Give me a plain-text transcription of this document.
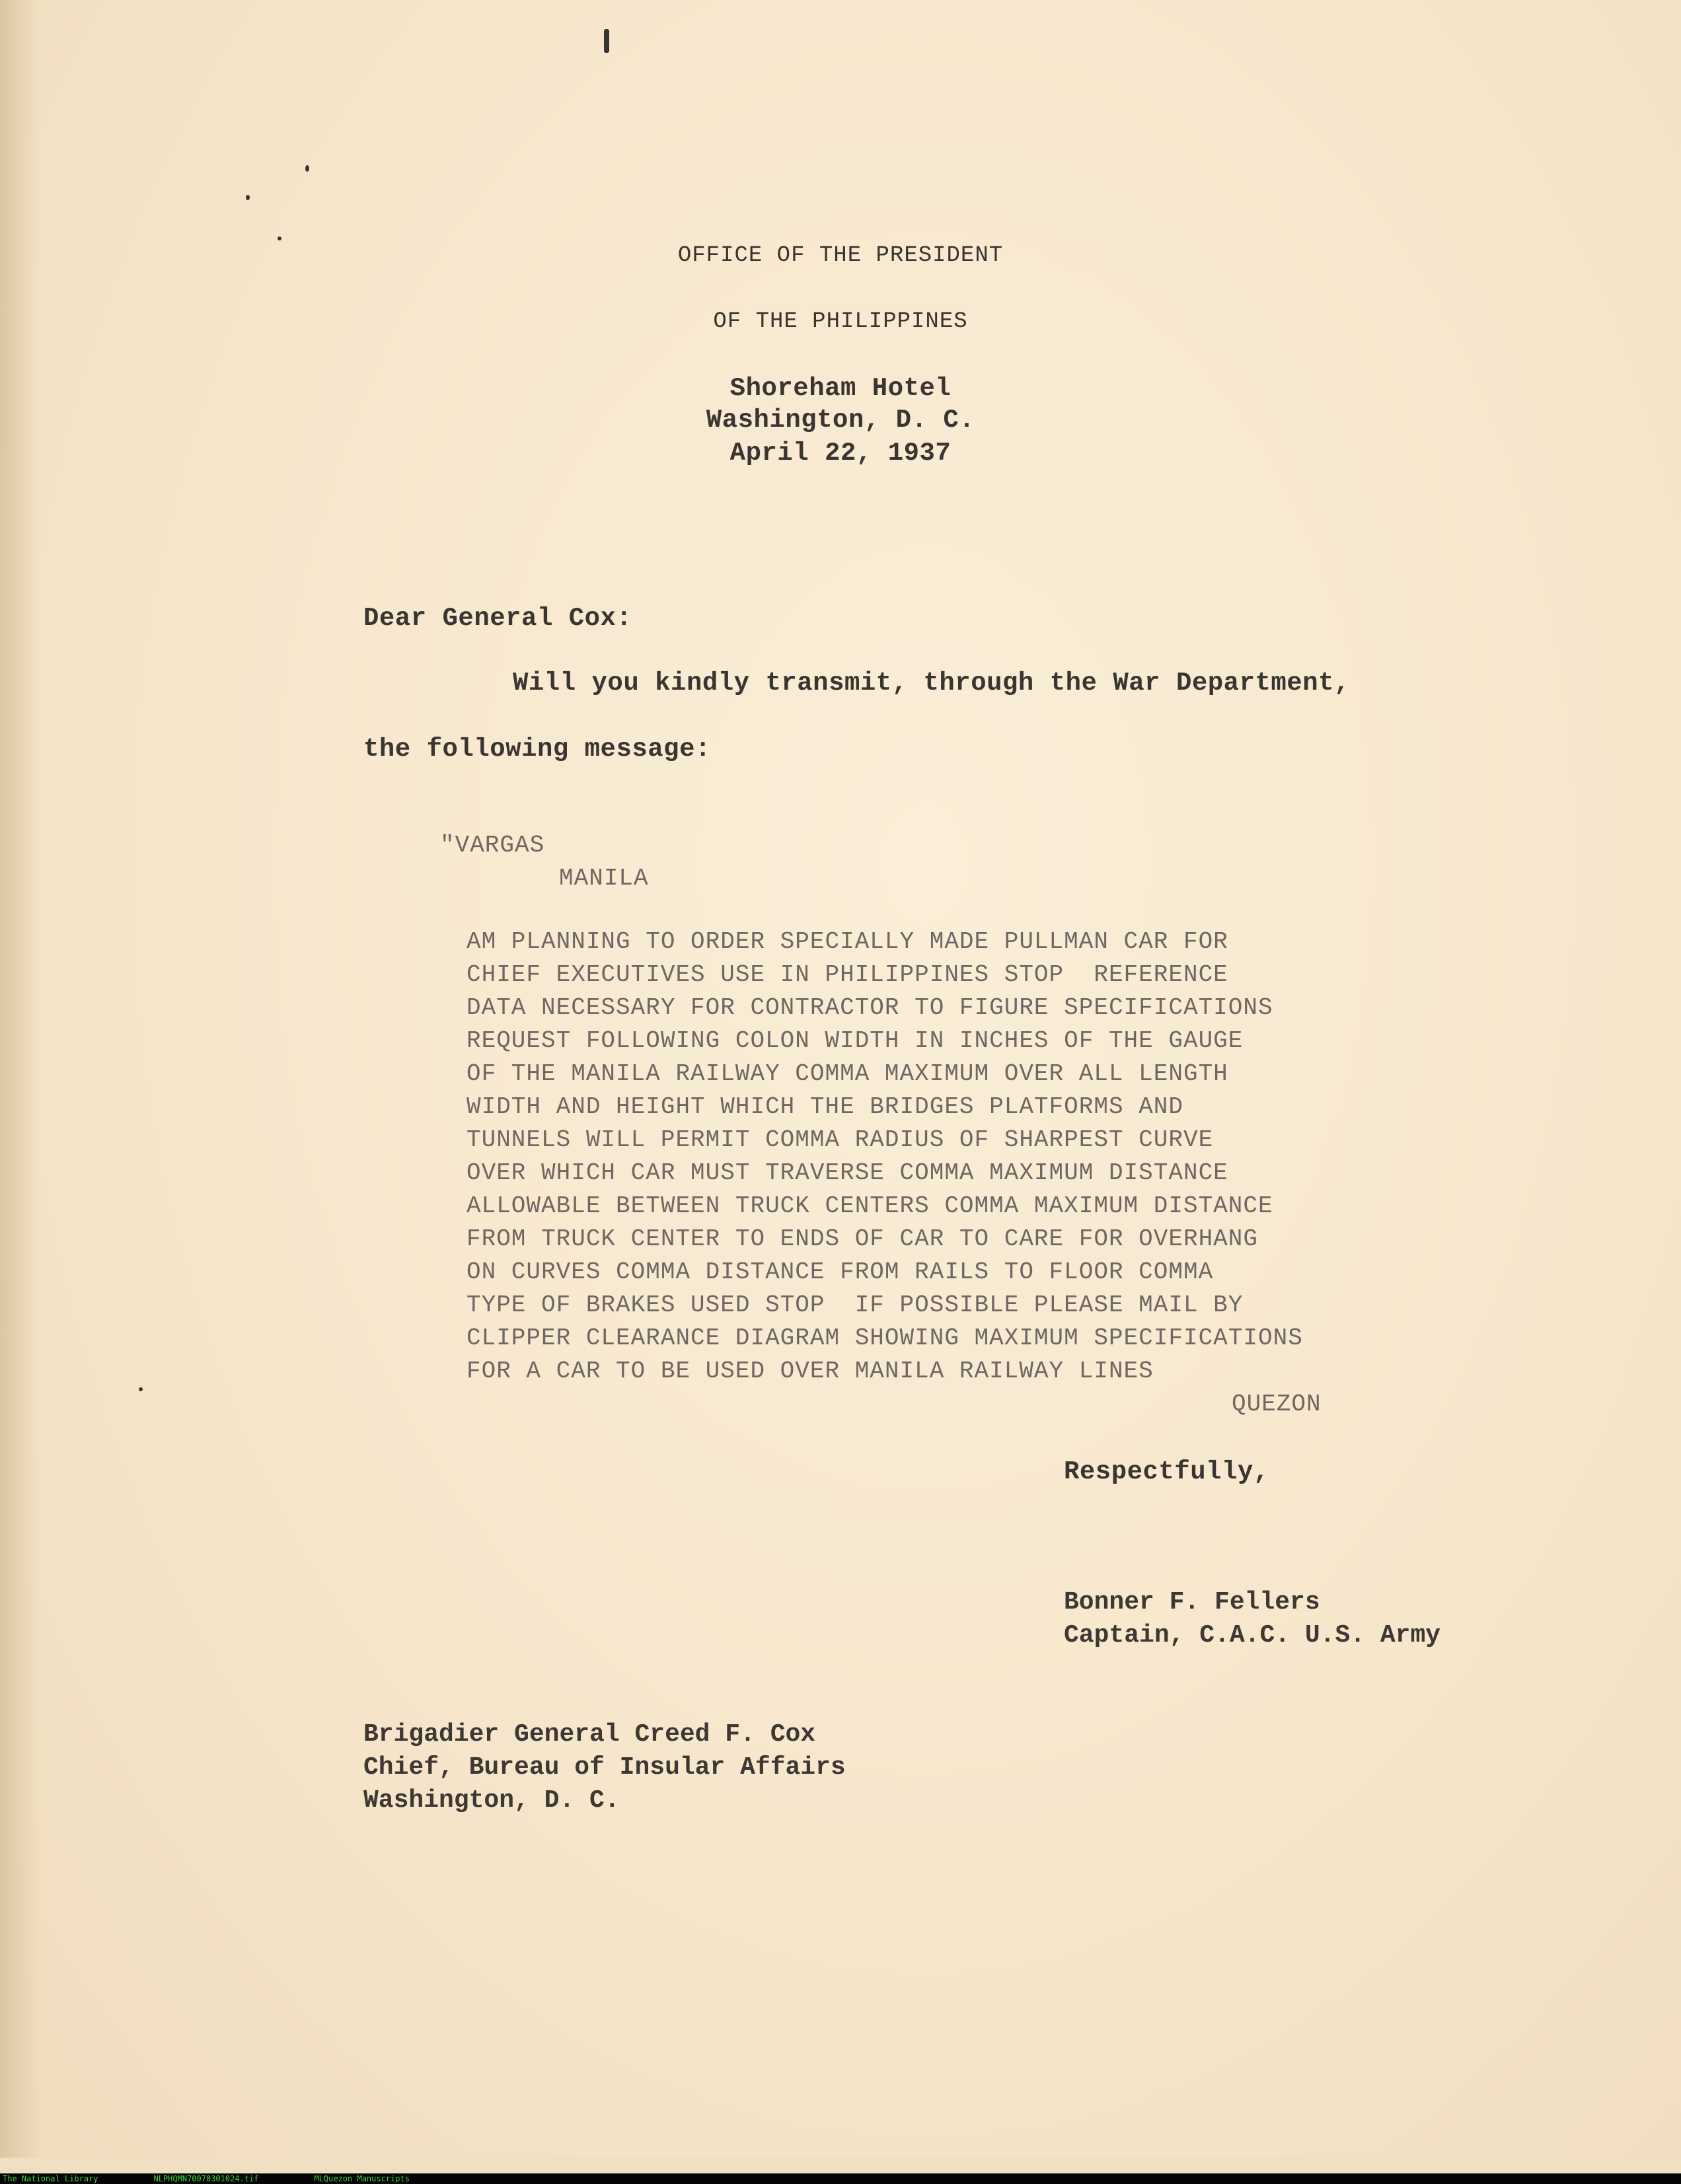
OFFICE OF THE PRESIDENT

OF THE PHILIPPINES

Shoreham Hotel

Washington, D. C.

April 22, 1937

Dear General Cox:

Will you kindly transmit, through the War Department,

the following message:

"VARGAS

MANILA

AM PLANNING TO ORDER SPECIALLY MADE PULLMAN CAR FOR

CHIEF EXECUTIVES USE IN PHILIPPINES STOP  REFERENCE

DATA NECESSARY FOR CONTRACTOR TO FIGURE SPECIFICATIONS

REQUEST FOLLOWING COLON WIDTH IN INCHES OF THE GAUGE

OF THE MANILA RAILWAY COMMA MAXIMUM OVER ALL LENGTH

WIDTH AND HEIGHT WHICH THE BRIDGES PLATFORMS AND

TUNNELS WILL PERMIT COMMA RADIUS OF SHARPEST CURVE

OVER WHICH CAR MUST TRAVERSE COMMA MAXIMUM DISTANCE

ALLOWABLE BETWEEN TRUCK CENTERS COMMA MAXIMUM DISTANCE

FROM TRUCK CENTER TO ENDS OF CAR TO CARE FOR OVERHANG

ON CURVES COMMA DISTANCE FROM RAILS TO FLOOR COMMA

TYPE OF BRAKES USED STOP  IF POSSIBLE PLEASE MAIL BY

CLIPPER CLEARANCE DIAGRAM SHOWING MAXIMUM SPECIFICATIONS

FOR A CAR TO BE USED OVER MANILA RAILWAY LINES

QUEZON

Respectfully,

Bonner F. Fellers

Captain, C.A.C. U.S. Army

Brigadier General Creed F. Cox

Chief, Bureau of Insular Affairs

Washington, D. C.

The National Library	NLPHQMN70070301024.tif	MLQuezon Manuscripts
